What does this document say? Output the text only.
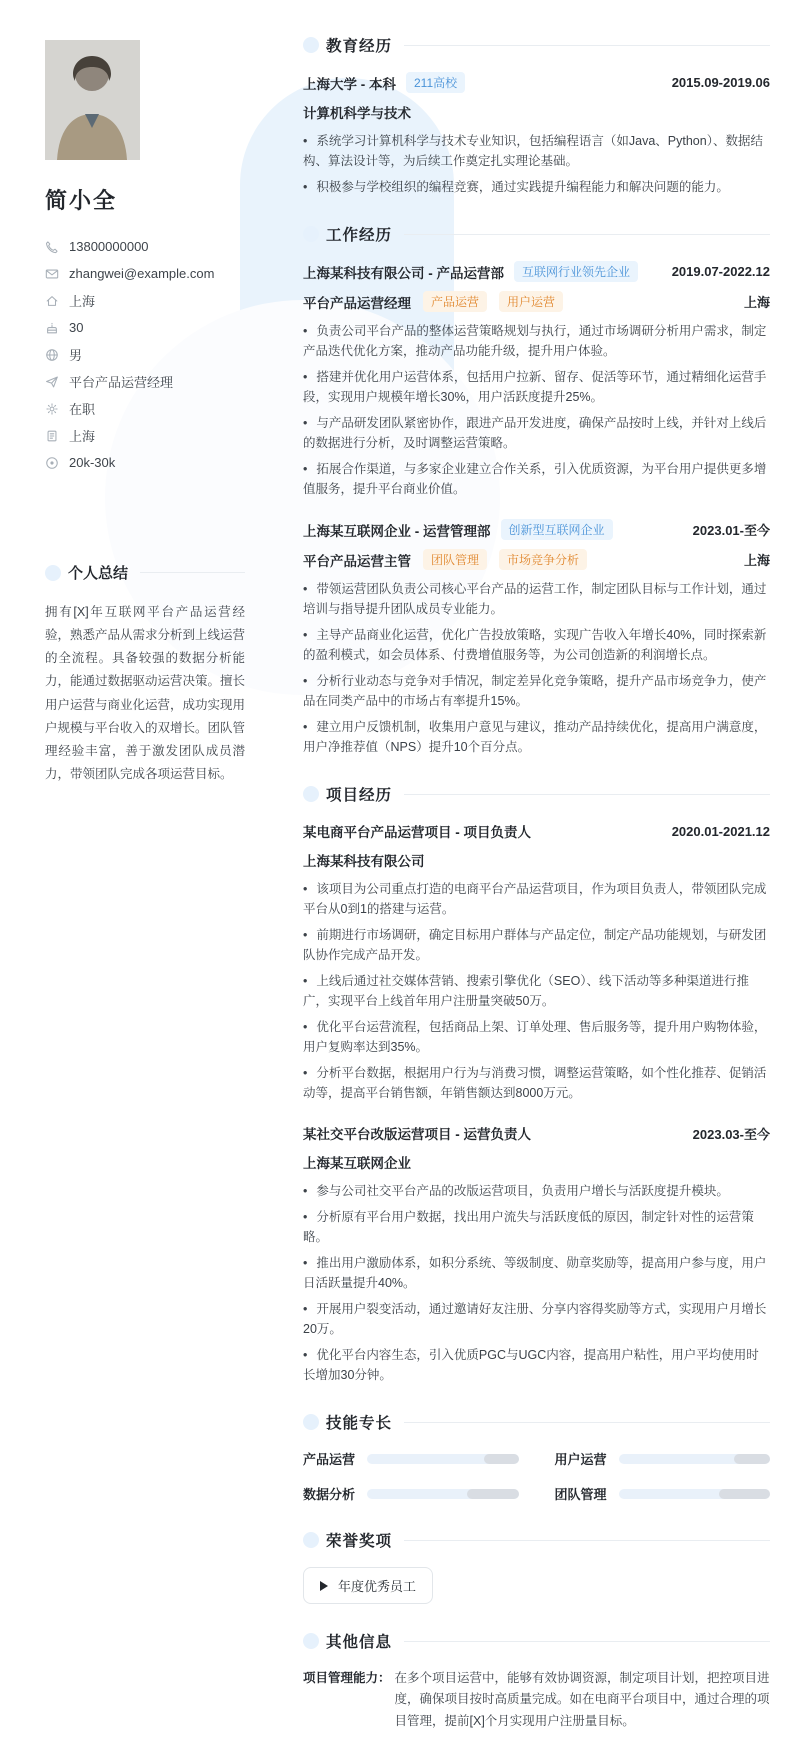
简小全
13800000000
zhangwei@example.com
上海
30
男
平台产品运营经理
在职
上海
20k-30k
个人总结

拥有[X]年互联网平台产品运营经验，熟悉产品从需求分析到上线运营的全流程。具备较强的数据分析能力，能通过数据驱动运营决策。擅长用户运营与商业化运营，成功实现用户规模与平台收入的双增长。团队管理经验丰富，善于激发团队成员潜力，带领团队完成各项运营目标。

教育经历
上海大学 - 本科	211高校	2015.09-2019.06
计算机科学与技术

• 系统学习计算机科学与技术专业知识，包括编程语言（如Java、Python）、数据结构、算法设计等，为后续工作奠定扎实理论基础。

• 积极参与学校组织的编程竞赛，通过实践提升编程能力和解决问题的能力。

工作经历
上海某科技有限公司 - 产品运营部	互联网行业领先企业	2019.07-2022.12
平台产品运营经理	产品运营	用户运营	上海

• 负责公司平台产品的整体运营策略规划与执行，通过市场调研分析用户需求，制定产品迭代优化方案，推动产品功能升级，提升用户体验。

• 搭建并优化用户运营体系，包括用户拉新、留存、促活等环节，通过精细化运营手段，实现用户规模年增长30%，用户活跃度提升25%。

• 与产品研发团队紧密协作，跟进产品开发进度，确保产品按时上线，并针对上线后的数据进行分析，及时调整运营策略。

• 拓展合作渠道，与多家企业建立合作关系，引入优质资源，为平台用户提供更多增值服务，提升平台商业价值。

上海某互联网企业 - 运营管理部	创新型互联网企业	2023.01-至今
平台产品运营主管	团队管理	市场竞争分析	上海

• 带领运营团队负责公司核心平台产品的运营工作，制定团队目标与工作计划，通过培训与指导提升团队成员专业能力。

• 主导产品商业化运营，优化广告投放策略，实现广告收入年增长40%，同时探索新的盈利模式，如会员体系、付费增值服务等，为公司创造新的利润增长点。

• 分析行业动态与竞争对手情况，制定差异化竞争策略，提升产品市场竞争力，使产品在同类产品中的市场占有率提升15%。

• 建立用户反馈机制，收集用户意见与建议，推动产品持续优化，提高用户满意度，用户净推荐值（NPS）提升10个百分点。

项目经历
某电商平台产品运营项目 - 项目负责人	2020.01-2021.12
上海某科技有限公司

• 该项目为公司重点打造的电商平台产品运营项目，作为项目负责人，带领团队完成平台从0到1的搭建与运营。

• 前期进行市场调研，确定目标用户群体与产品定位，制定产品功能规划，与研发团队协作完成产品开发。

• 上线后通过社交媒体营销、搜索引擎优化（SEO）、线下活动等多种渠道进行推广，实现平台上线首年用户注册量突破50万。

• 优化平台运营流程，包括商品上架、订单处理、售后服务等，提升用户购物体验，用户复购率达到35%。

• 分析平台数据，根据用户行为与消费习惯，调整运营策略，如个性化推荐、促销活动等，提高平台销售额，年销售额达到8000万元。

某社交平台改版运营项目 - 运营负责人	2023.03-至今
上海某互联网企业

• 参与公司社交平台产品的改版运营项目，负责用户增长与活跃度提升模块。

• 分析原有平台用户数据，找出用户流失与活跃度低的原因，制定针对性的运营策略。

• 推出用户激励体系，如积分系统、等级制度、勋章奖励等，提高用户参与度，用户日活跃量提升40%。

• 开展用户裂变活动，通过邀请好友注册、分享内容得奖励等方式，实现用户月增长20万。

• 优化平台内容生态，引入优质PGC与UGC内容，提高用户粘性，用户平均使用时长增加30分钟。

技能专长
产品运营	用户运营
数据分析	团队管理
荣誉奖项
年度优秀员工
其他信息
项目管理能力： 在多个项目运营中，能够有效协调资源，制定项目计划，把控项目进度，确保项目按时高质量完成。如在电商平台项目中，通过合理的项目管理，提前[X]个月实现用户注册量目标。
